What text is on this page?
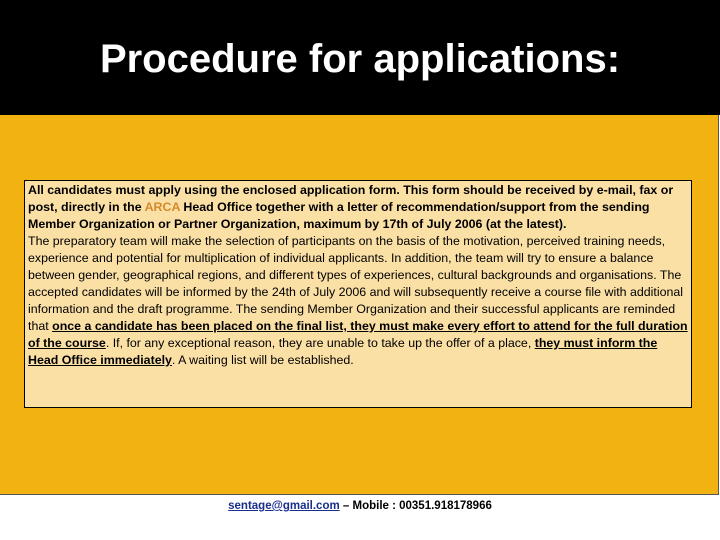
Procedure for applications:

All candidates must apply using the enclosed application form. This form should be received by e-mail, fax or post, directly in the ARCA Head Office together with a letter of recommendation/support from the sending Member Organization or Partner Organization, maximum by 17th of July 2006 (at the latest).

The preparatory team will make the selection of participants on the basis of the motivation, perceived training needs, experience and potential for multiplication of individual applicants. In addition, the team will try to ensure a balance between gender, geographical regions, and different types of experiences, cultural backgrounds and organisations. The accepted candidates will be informed by the 24th of July 2006 and will subsequently receive a course file with additional information and the draft programme. The sending Member Organization and their successful applicants are reminded that once a candidate has been placed on the final list, they must make every effort to attend for the full duration of the course. If, for any exceptional reason, they are unable to take up the offer of a place, they must inform the Head Office immediately. A waiting list will be established.

sentage@gmail.com – Mobile : 00351.918178966
